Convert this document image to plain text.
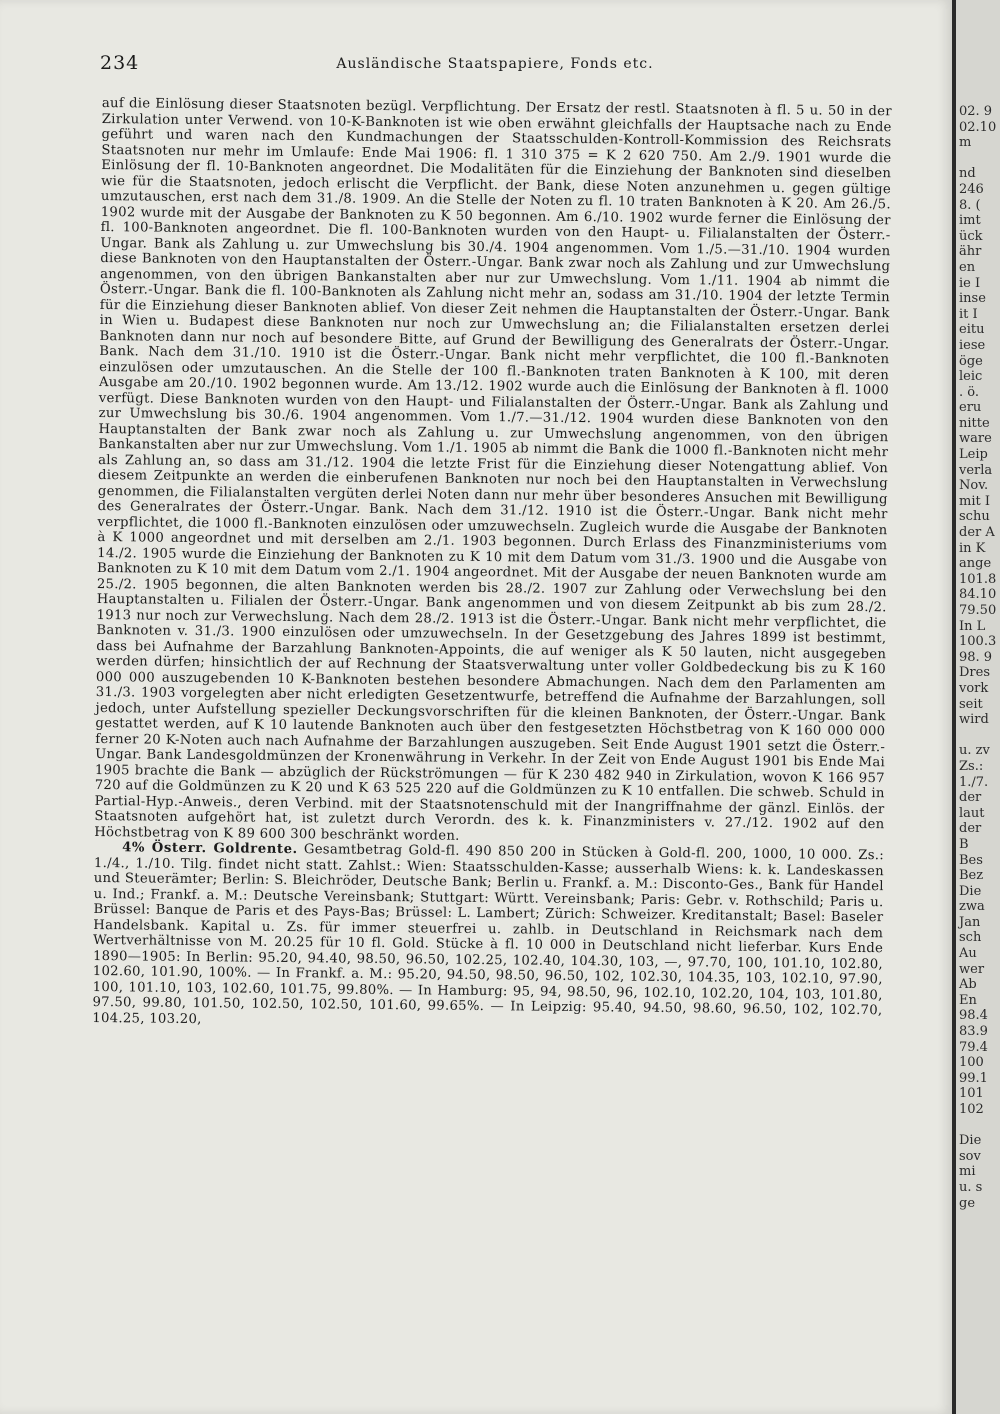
234	Ausländische Staatspapiere, Fonds etc.

auf die Einlösung dieser Staatsnoten bezügl. Verpflichtung. Der Ersatz der restl. Staatsnoten à fl. 5 u. 50 in der Zirkulation unter Verwend. von 10-K-Banknoten ist wie oben erwähnt gleichfalls der Hauptsache nach zu Ende geführt und waren nach den Kundmachungen der Staatsschulden-Kontroll-Kommission des Reichsrats Staatsnoten nur mehr im Umlaufe: Ende Mai 1906: fl. 1 310 375 = K 2 620 750. Am 2./9. 1901 wurde die Einlösung der fl. 10-Banknoten angeordnet. Die Modalitäten für die Einziehung der Banknoten sind dieselben wie für die Staatsnoten, jedoch erlischt die Verpflicht. der Bank, diese Noten anzunehmen u. gegen gültige umzutauschen, erst nach dem 31./8. 1909. An die Stelle der Noten zu fl. 10 traten Banknoten à K 20. Am 26./5. 1902 wurde mit der Ausgabe der Banknoten zu K 50 begonnen. Am 6./10. 1902 wurde ferner die Einlösung der fl. 100-Banknoten angeordnet. Die fl. 100-Banknoten wurden von den Haupt- u. Filialanstalten der Österr.-Ungar. Bank als Zahlung u. zur Umwechslung bis 30./4. 1904 angenommen. Vom 1./5.—31./10. 1904 wurden diese Banknoten von den Hauptanstalten der Österr.-Ungar. Bank zwar noch als Zahlung und zur Umwechslung angenommen, von den übrigen Bankanstalten aber nur zur Umwechslung. Vom 1./11. 1904 ab nimmt die Österr.-Ungar. Bank die fl. 100-Banknoten als Zahlung nicht mehr an, sodass am 31./10. 1904 der letzte Termin für die Einziehung dieser Banknoten ablief. Von dieser Zeit nehmen die Hauptanstalten der Österr.-Ungar. Bank in Wien u. Budapest diese Banknoten nur noch zur Umwechslung an; die Filialanstalten ersetzen derlei Banknoten dann nur noch auf besondere Bitte, auf Grund der Bewilligung des Generalrats der Österr.-Ungar. Bank. Nach dem 31./10. 1910 ist die Österr.-Ungar. Bank nicht mehr verpflichtet, die 100 fl.-Banknoten einzulösen oder umzutauschen. An die Stelle der 100 fl.-Banknoten traten Banknoten à K 100, mit deren Ausgabe am 20./10. 1902 begonnen wurde. Am 13./12. 1902 wurde auch die Einlösung der Banknoten à fl. 1000 verfügt. Diese Banknoten wurden von den Haupt- und Filialanstalten der Österr.-Ungar. Bank als Zahlung und zur Umwechslung bis 30./6. 1904 angenommen. Vom 1./7.—31./12. 1904 wurden diese Banknoten von den Hauptanstalten der Bank zwar noch als Zahlung u. zur Umwechslung angenommen, von den übrigen Bankanstalten aber nur zur Umwechslung. Vom 1./1. 1905 ab nimmt die Bank die 1000 fl.-Banknoten nicht mehr als Zahlung an, so dass am 31./12. 1904 die letzte Frist für die Einziehung dieser Notengattung ablief. Von diesem Zeitpunkte an werden die einberufenen Banknoten nur noch bei den Hauptanstalten in Verwechslung genommen, die Filialanstalten vergüten derlei Noten dann nur mehr über besonderes Ansuchen mit Bewilligung des Generalrates der Österr.-Ungar. Bank. Nach dem 31./12. 1910 ist die Österr.-Ungar. Bank nicht mehr verpflichtet, die 1000 fl.-Banknoten einzulösen oder umzuwechseln. Zugleich wurde die Ausgabe der Banknoten à K 1000 angeordnet und mit derselben am 2./1. 1903 begonnen. Durch Erlass des Finanzministeriums vom 14./2. 1905 wurde die Einziehung der Banknoten zu K 10 mit dem Datum vom 31./3. 1900 und die Ausgabe von Banknoten zu K 10 mit dem Datum vom 2./1. 1904 angeordnet. Mit der Ausgabe der neuen Banknoten wurde am 25./2. 1905 begonnen, die alten Banknoten werden bis 28./2. 1907 zur Zahlung oder Verwechslung bei den Hauptanstalten u. Filialen der Österr.-Ungar. Bank angenommen und von diesem Zeitpunkt ab bis zum 28./2. 1913 nur noch zur Verwechslung. Nach dem 28./2. 1913 ist die Österr.-Ungar. Bank nicht mehr verpflichtet, die Banknoten v. 31./3. 1900 einzulösen oder umzuwechseln. In der Gesetzgebung des Jahres 1899 ist bestimmt, dass bei Aufnahme der Barzahlung Banknoten-Appoints, die auf weniger als K 50 lauten, nicht ausgegeben werden dürfen; hinsichtlich der auf Rechnung der Staatsverwaltung unter voller Goldbedeckung bis zu K 160 000 000 auszugebenden 10 K-Banknoten bestehen besondere Abmachungen. Nach dem den Parlamenten am 31./3. 1903 vorgelegten aber nicht erledigten Gesetzentwurfe, betreffend die Aufnahme der Barzahlungen, soll jedoch, unter Aufstellung spezieller Deckungsvorschriften für die kleinen Banknoten, der Österr.-Ungar. Bank gestattet werden, auf K 10 lautende Banknoten auch über den festgesetzten Höchstbetrag von K 160 000 000 ferner 20 K-Noten auch nach Aufnahme der Barzahlungen auszugeben. Seit Ende August 1901 setzt die Österr.-Ungar. Bank Landesgoldmünzen der Kronenwährung in Verkehr. In der Zeit von Ende August 1901 bis Ende Mai 1905 brachte die Bank — abzüglich der Rückströmungen — für K 230 482 940 in Zirkulation, wovon K 166 957 720 auf die Goldmünzen zu K 20 und K 63 525 220 auf die Goldmünzen zu K 10 entfallen. Die schweb. Schuld in Partial-Hyp.-Anweis., deren Verbind. mit der Staatsnotenschuld mit der Inangriffnahme der gänzl. Einlös. der Staatsnoten aufgehört hat, ist zuletzt durch Verordn. des k. k. Finanzministers v. 27./12. 1902 auf den Höchstbetrag von K 89 600 300 beschränkt worden.

4% Österr. Goldrente. Gesamtbetrag Gold-fl. 490 850 200 in Stücken à Gold-fl. 200, 1000, 10 000. Zs.: 1./4., 1./10. Tilg. findet nicht statt. Zahlst.: Wien: Staatsschulden-Kasse; ausserhalb Wiens: k. k. Landeskassen und Steuerämter; Berlin: S. Bleichröder, Deutsche Bank; Berlin u. Frankf. a. M.: Disconto-Ges., Bank für Handel u. Ind.; Frankf. a. M.: Deutsche Vereinsbank; Stuttgart: Württ. Vereinsbank; Paris: Gebr. v. Rothschild; Paris u. Brüssel: Banque de Paris et des Pays-Bas; Brüssel: L. Lambert; Zürich: Schweizer. Kreditanstalt; Basel: Baseler Handelsbank. Kapital u. Zs. für immer steuerfrei u. zahlb. in Deutschland in Reichsmark nach dem Wertverhältnisse von M. 20.25 für 10 fl. Gold. Stücke à fl. 10 000 in Deutschland nicht lieferbar. Kurs Ende 1890—1905: In Berlin: 95.20, 94.40, 98.50, 96.50, 102.25, 102.40, 104.30, 103, —, 97.70, 100, 101.10, 102.80, 102.60, 101.90, 100%. — In Frankf. a. M.: 95.20, 94.50, 98.50, 96.50, 102, 102.30, 104.35, 103, 102.10, 97.90, 100, 101.10, 103, 102.60, 101.75, 99.80%. — In Hamburg: 95, 94, 98.50, 96, 102.10, 102.20, 104, 103, 101.80, 97.50, 99.80, 101.50, 102.50, 102.50, 101.60, 99.65%. — In Leipzig: 95.40, 94.50, 98.60, 96.50, 102, 102.70, 104.25, 103.20,

02. 9
02.10
m

nd
246
8. (
imt
ück
ähr
en
ie I
inse
it I
eitu
iese
öge
leic
. ö.
eru
nitte
ware
Leip
verla
Nov.
mit I
schu
der A
in K
ange
101.8
84.10
79.50
In L
100.3
98. 9
Dres
vork
seit
wird

u. zv
Zs.:
1./7.
der
laut
der
B
Bes
Bez
Die
zwa
Jan
sch
Au
wer
Ab
En
98.4
83.9
79.4
100
99.1
101
102

Die
sov
mi
u. s
ge
